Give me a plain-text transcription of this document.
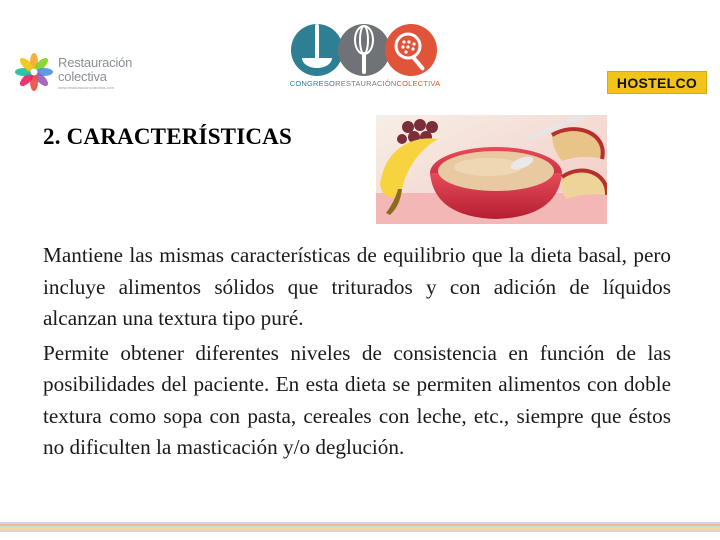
Restauración
colectiva
www.restauracioncolectiva.com	CONGRESORESTAURACIÓNCOLECTIVA	HOSTELCO
2. CARACTERÍSTICAS

Mantiene las mismas características de equilibrio que la dieta basal, pero incluye alimentos sólidos que triturados y con adición de líquidos alcanzan una textura tipo puré.

Permite obtener diferentes niveles de consistencia en función de las posibilidades del paciente. En esta dieta se permiten alimentos con doble textura como sopa con pasta, cereales con leche, etc., siempre que éstos no dificulten la masticación y/o deglución.
